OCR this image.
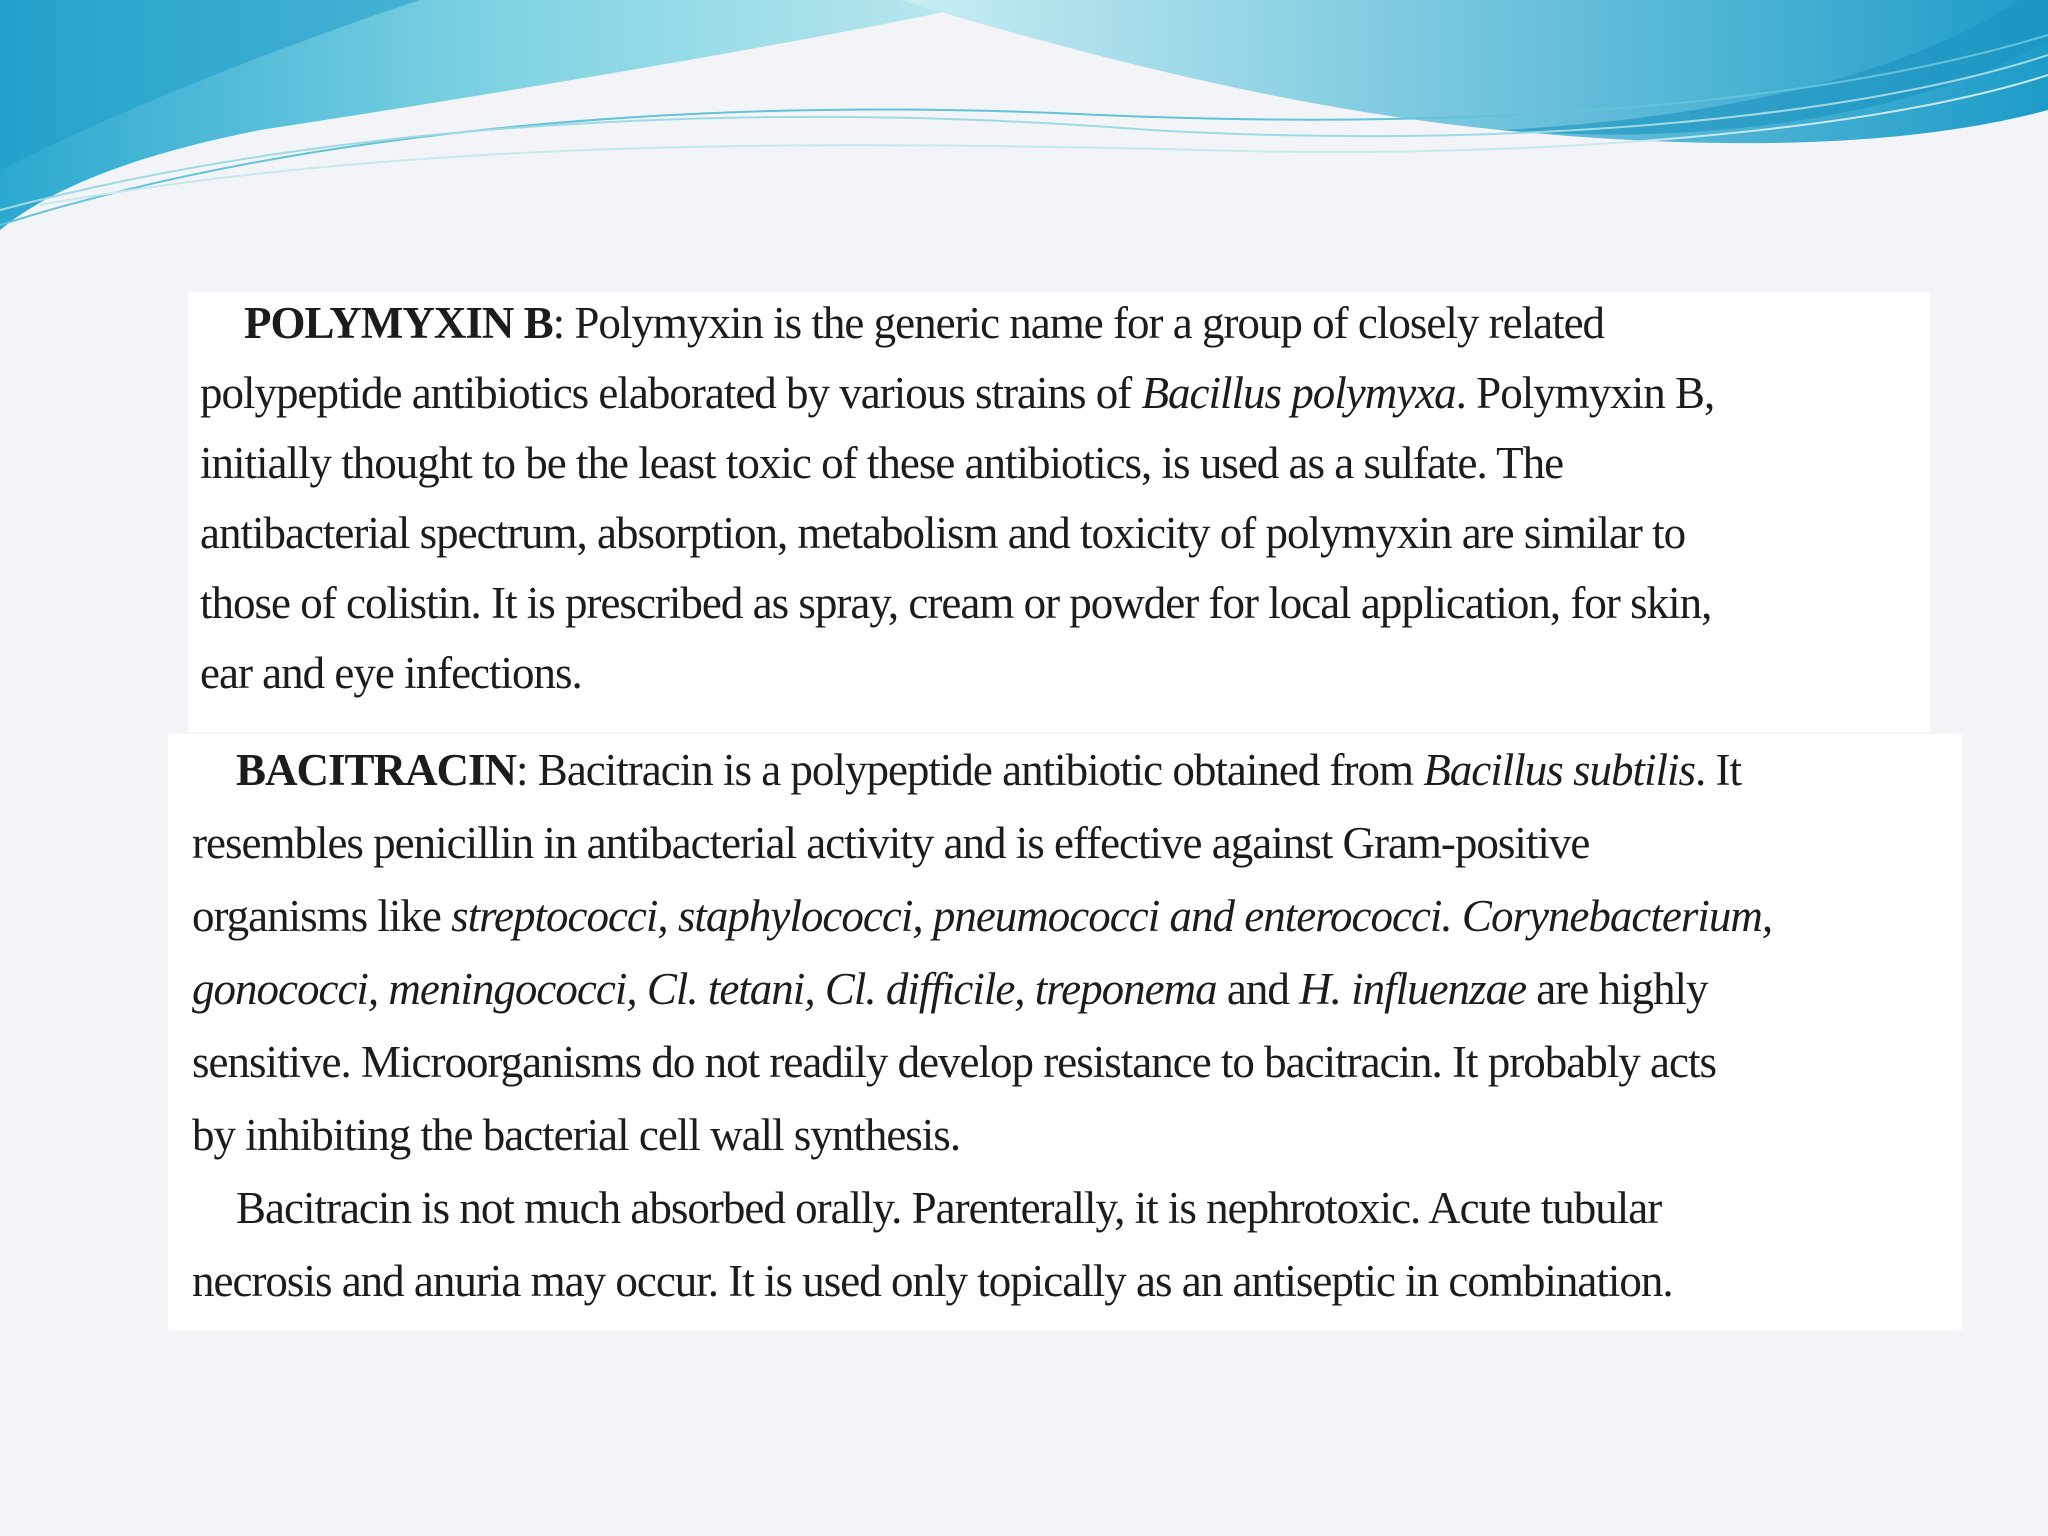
POLYMYXIN B: Polymyxin is the generic name for a group of closely related
polypeptide antibiotics elaborated by various strains of Bacillus polymyxa. Polymyxin B,
initially thought to be the least toxic of these antibiotics, is used as a sulfate. The
antibacterial spectrum, absorption, metabolism and toxicity of polymyxin are similar to
those of colistin. It is prescribed as spray, cream or powder for local application, for skin,
ear and eye infections.
BACITRACIN: Bacitracin is a polypeptide antibiotic obtained from Bacillus subtilis. It
resembles penicillin in antibacterial activity and is effective against Gram-positive
organisms like streptococci, staphylococci, pneumococci and enterococci. Corynebacterium,
gonococci, meningococci, Cl. tetani, Cl. difficile, treponema and H. influenzae are highly
sensitive. Microorganisms do not readily develop resistance to bacitracin. It probably acts
by inhibiting the bacterial cell wall synthesis.
Bacitracin is not much absorbed orally. Parenterally, it is nephrotoxic. Acute tubular
necrosis and anuria may occur. It is used only topically as an antiseptic in combination.
